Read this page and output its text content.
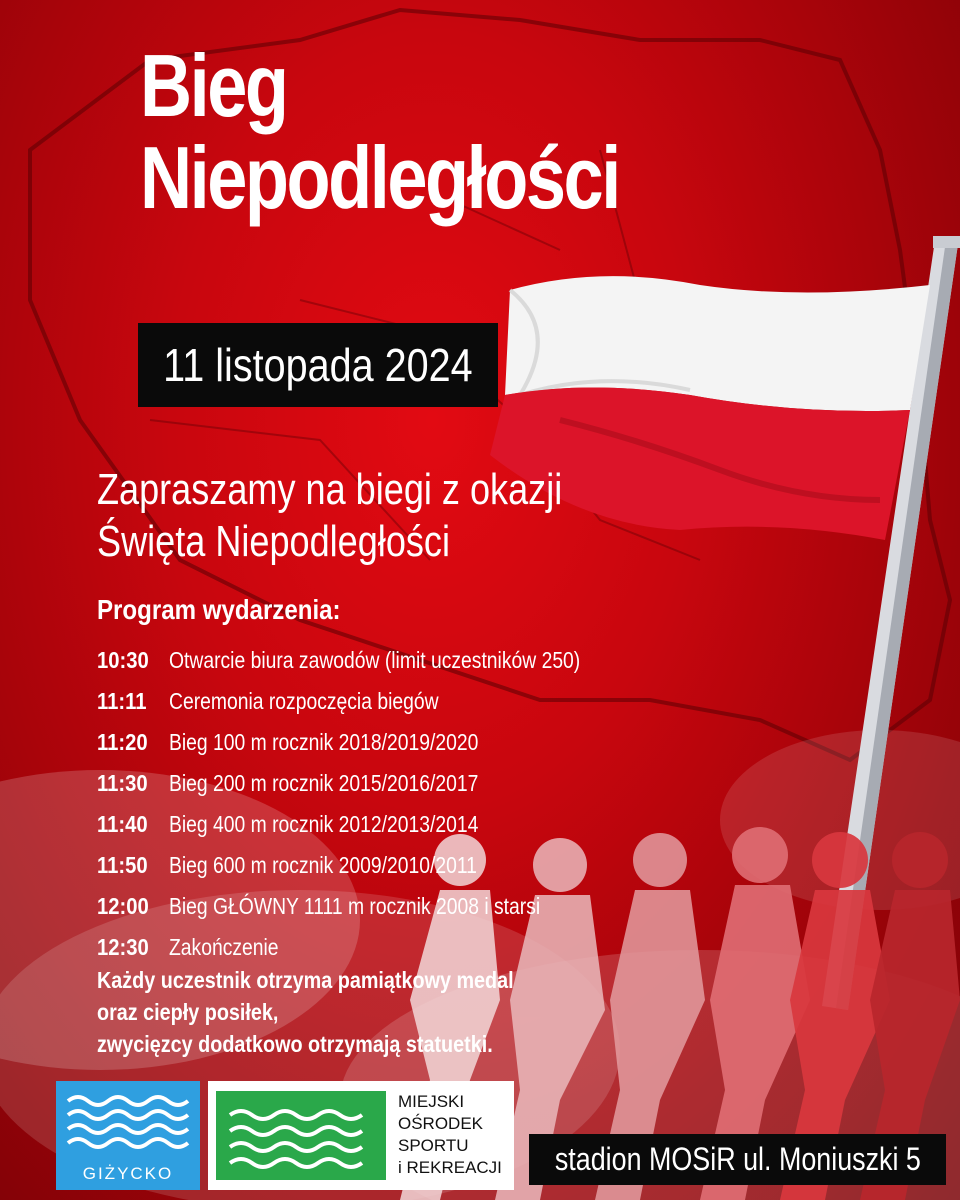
Bieg
Niepodległości
11 listopada 2024
Zapraszamy na biegi z okazji
Święta Niepodległości
Program wydarzenia:
10:30 Otwarcie biura zawodów (limit uczestników 250)
11:11 Ceremonia rozpoczęcia biegów
11:20 Bieg 100 m rocznik 2018/2019/2020
11:30 Bieg 200 m rocznik 2015/2016/2017
11:40 Bieg 400 m rocznik 2012/2013/2014
11:50 Bieg 600 m rocznik 2009/2010/2011
12:00 Bieg GŁÓWNY 1111 m rocznik 2008 i starsi
12:30 Zakończenie
Każdy uczestnik otrzyma pamiątkowy medal
oraz ciepły posiłek,
zwycięzcy dodatkowo otrzymają statuetki.
GIŻYCKO
MIEJSKI
OŚRODEK
SPORTU
i REKREACJI stadion MOSiR ul. Moniuszki 5
